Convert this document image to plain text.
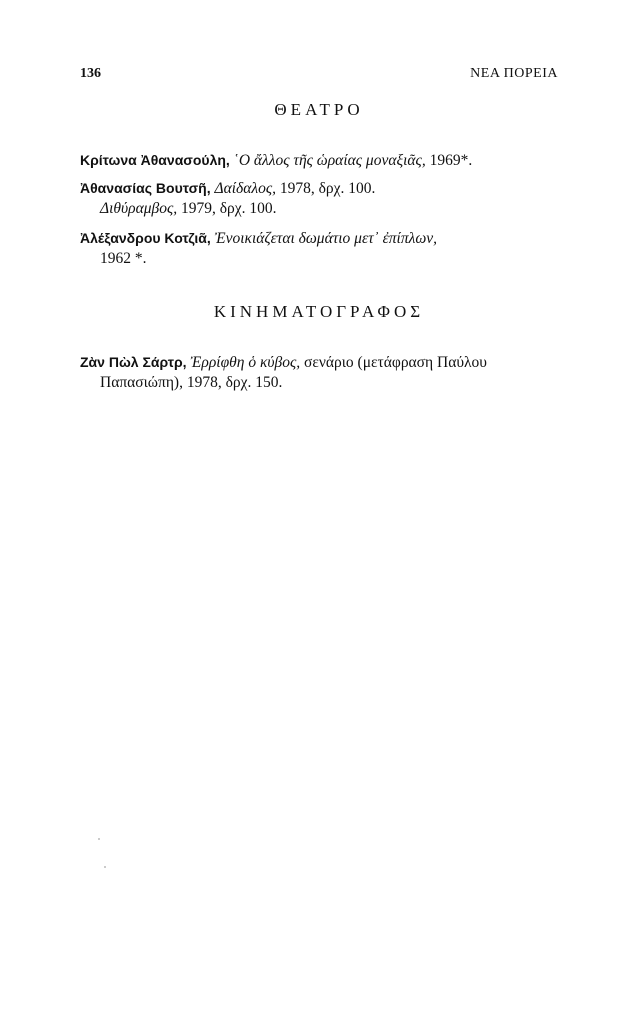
136	ΝΕΑ ΠΟΡΕΙΑ
ΘΕΑΤΡΟ
Κρίτωνα Ἀθανασούλη, ῾Ο ἄλλος τῆς ὡραίας μοναξιᾶς, 1969*.
Ἀθανασίας Βουτσῆ, Δαίδαλος, 1978, δρχ. 100.
Διθύραμβος, 1979, δρχ. 100.
Ἀλέξανδρου Κοτζιᾶ, Ἐνοικιάζεται δωμάτιο μετ᾿ ἐπίπλων,
1962 *.
ΚΙΝΗΜΑΤΟΓΡΑΦΟΣ
Ζὰν Πὼλ Σάρτρ, Ἐρρίφθη ὁ κύβος, σενάριο (μετάφραση Παύλου
Παπασιώπη), 1978, δρχ. 150.
